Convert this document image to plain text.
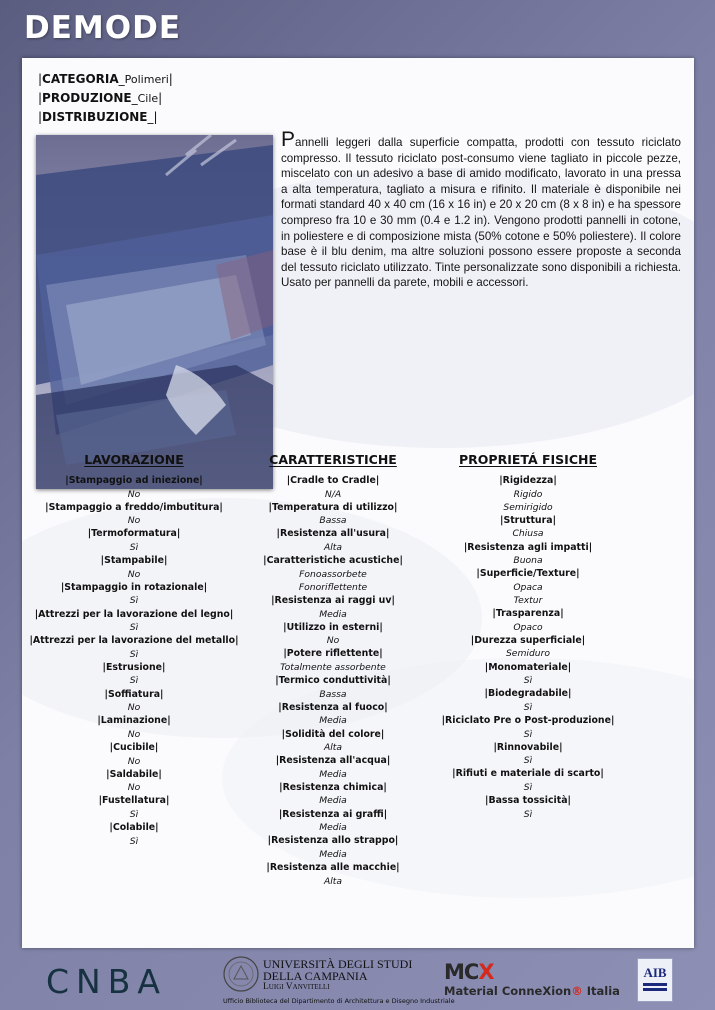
DEMODE
|CATEGORIA_Polimeri|
|PRODUZIONE_Cile|
|DISTRIBUZIONE_|

Pannelli leggeri dalla superficie compatta, prodotti con tessuto riciclato compresso. Il tessuto riciclato post-consumo viene tagliato in piccole pezze, miscelato con un adesivo a base di amido modificato, lavorato in una pressa a alta temperatura, tagliato a misura e rifinito. Il materiale è disponibile nei formati standard 40 x 40 cm (16 x 16 in) e 20 x 20 cm (8 x 8 in) e ha spessore compreso fra 10 e 30 mm (0.4 e 1.2 in). Vengono prodotti pannelli in cotone, in poliestere e di composizione mista (50% cotone e 50% poliestere). Il colore base è il blu denim, ma altre soluzioni possono essere proposte a seconda del tessuto riciclato utilizzato. Tinte personalizzate sono disponibili a richiesta. Usato per pannelli da parete, mobili e accessori.

LAVORAZIONE
|Stampaggio ad iniezione|
No
|Stampaggio a freddo/imbutitura|
No
|Termoformatura|
Sì
|Stampabile|
No
|Stampaggio in rotazionale|
Sì
|Attrezzi per la lavorazione del legno|
Sì
|Attrezzi per la lavorazione del metallo|
Sì
|Estrusione|
Sì
|Soffiatura|
No
|Laminazione|
No
|Cucibile|
No
|Saldabile|
No
|Fustellatura|
Sì
|Colabile|
Sì
CARATTERISTICHE
|Cradle to Cradle|
N/A
|Temperatura di utilizzo|
Bassa
|Resistenza all'usura|
Alta
|Caratteristiche acustiche|
Fonoassorbete
Fonoriflettente
|Resistenza ai raggi uv|
Media
|Utilizzo in esterni|
No
|Potere riflettente|
Totalmente assorbente
|Termico conduttività|
Bassa
|Resistenza al fuoco|
Media
|Solidità del colore|
Alta
|Resistenza all'acqua|
Media
|Resistenza chimica|
Media
|Resistenza ai graffi|
Media
|Resistenza allo strappo|
Media
|Resistenza alle macchie|
Alta
PROPRIETÁ FISICHE
|Rigidezza|
Rigido
Semirigido
|Struttura|
Chiusa
|Resistenza agli impatti|
Buona
|Superficie/Texture|
Opaca
Textur
|Trasparenza|
Opaco
|Durezza superficiale|
Semiduro
|Monomateriale|
Sì
|Biodegradabile|
Sì
|Riciclato Pre o Post-produzione|
Sì
|Rinnovabile|
Sì
|Rifiuti e materiale di scarto|
Sì
|Bassa tossicità|
Sì
CNBA	UNIVERSITÀ DEGLI STUDI
DELLA CAMPANIA
Luigi Vanvitelli
Ufficio Biblioteca del Dipartimento di Architettura e Disegno Industriale
MCX
Material ConneXion® Italia
AIB
